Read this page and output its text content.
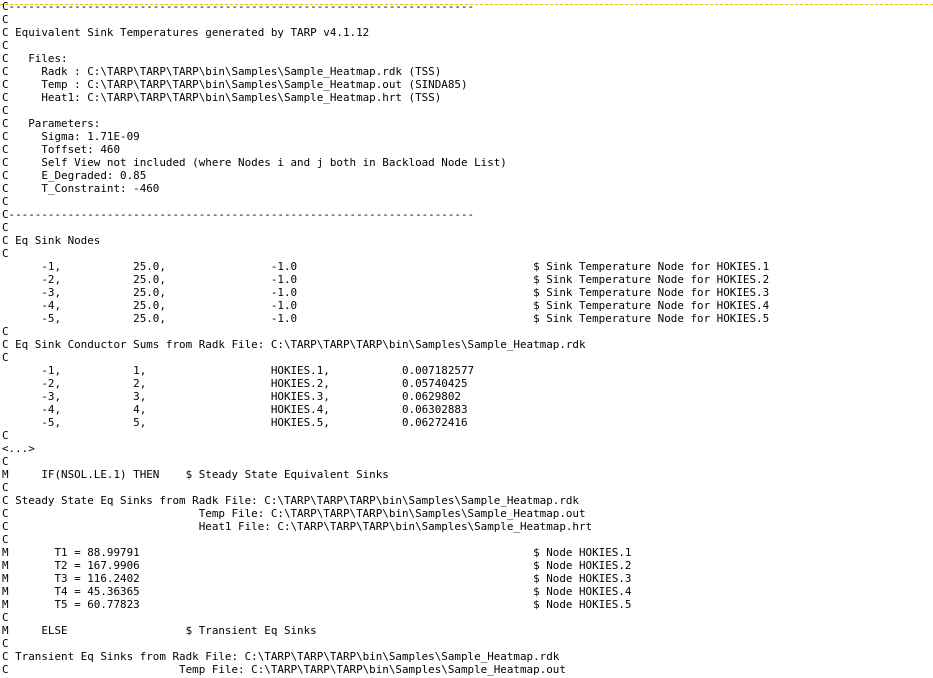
C-----------------------------------------------------------------------
C
C Equivalent Sink Temperatures generated by TARP v4.1.12
C
C   Files:
C     Radk : C:\TARP\TARP\TARP\bin\Samples\Sample_Heatmap.rdk (TSS)
C     Temp : C:\TARP\TARP\TARP\bin\Samples\Sample_Heatmap.out (SINDA85)
C     Heat1: C:\TARP\TARP\TARP\bin\Samples\Sample_Heatmap.hrt (TSS)
C
C   Parameters:
C     Sigma: 1.71E-09
C     Toffset: 460
C     Self View not included (where Nodes i and j both in Backload Node List)
C     E_Degraded: 0.85
C     T_Constraint: -460
C
C-----------------------------------------------------------------------
C
C Eq Sink Nodes
C
-1,           25.0,                -1.0                                    $ Sink Temperature Node for HOKIES.1
-2,           25.0,                -1.0                                    $ Sink Temperature Node for HOKIES.2
-3,           25.0,                -1.0                                    $ Sink Temperature Node for HOKIES.3
-4,           25.0,                -1.0                                    $ Sink Temperature Node for HOKIES.4
-5,           25.0,                -1.0                                    $ Sink Temperature Node for HOKIES.5
C
C Eq Sink Conductor Sums from Radk File: C:\TARP\TARP\TARP\bin\Samples\Sample_Heatmap.rdk
C
-1,           1,                   HOKIES.1,           0.007182577
-2,           2,                   HOKIES.2,           0.05740425
-3,           3,                   HOKIES.3,           0.0629802
-4,           4,                   HOKIES.4,           0.06302883
-5,           5,                   HOKIES.5,           0.06272416
C
<...>
C
M     IF(NSOL.LE.1) THEN    $ Steady State Equivalent Sinks
C
C Steady State Eq Sinks from Radk File: C:\TARP\TARP\TARP\bin\Samples\Sample_Heatmap.rdk
C                             Temp File: C:\TARP\TARP\TARP\bin\Samples\Sample_Heatmap.out
C                             Heat1 File: C:\TARP\TARP\TARP\bin\Samples\Sample_Heatmap.hrt
C
M       T1 = 88.99791                                                            $ Node HOKIES.1
M       T2 = 167.9906                                                            $ Node HOKIES.2
M       T3 = 116.2402                                                            $ Node HOKIES.3
M       T4 = 45.36365                                                            $ Node HOKIES.4
M       T5 = 60.77823                                                            $ Node HOKIES.5
C
M     ELSE                  $ Transient Eq Sinks
C
C Transient Eq Sinks from Radk File: C:\TARP\TARP\TARP\bin\Samples\Sample_Heatmap.rdk
C                          Temp File: C:\TARP\TARP\TARP\bin\Samples\Sample_Heatmap.out
